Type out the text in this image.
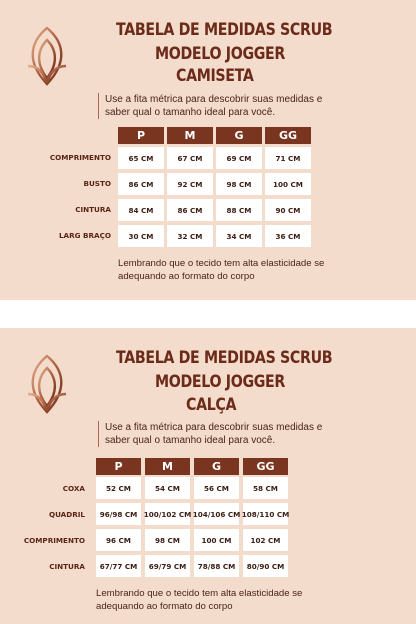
TABELA DE MEDIDAS SCRUB
MODELO JOGGER
CAMISETA
Use a fita métrica para descobrir suas medidas e saber qual o tamanho ideal para você.
P	M	G	GG
COMPRIMENTO	65 CM	67 CM	69 CM	71 CM
BUSTO	86 CM	92 CM	98 CM	100 CM
CINTURA	84 CM	86 CM	88 CM	90 CM
LARG BRAÇO	30 CM	32 CM	34 CM	36 CM
Lembrando que o tecido tem alta elasticidade se adequando ao formato do corpo
TABELA DE MEDIDAS SCRUB
MODELO JOGGER
CALÇA
Use a fita métrica para descobrir suas medidas e saber qual o tamanho ideal para você.
P	M	G	GG
COXA	52 CM	54 CM	56 CM	58 CM
QUADRIL	96/98 CM 100/102 CM 104/106 CM 108/110 CM
COMPRIMENTO	96 CM	98 CM	100 CM	102 CM
CINTURA	67/77 CM	69/79 CM	78/88 CM	80/90 CM
Lembrando que o tecido tem alta elasticidade se adequando ao formato do corpo
